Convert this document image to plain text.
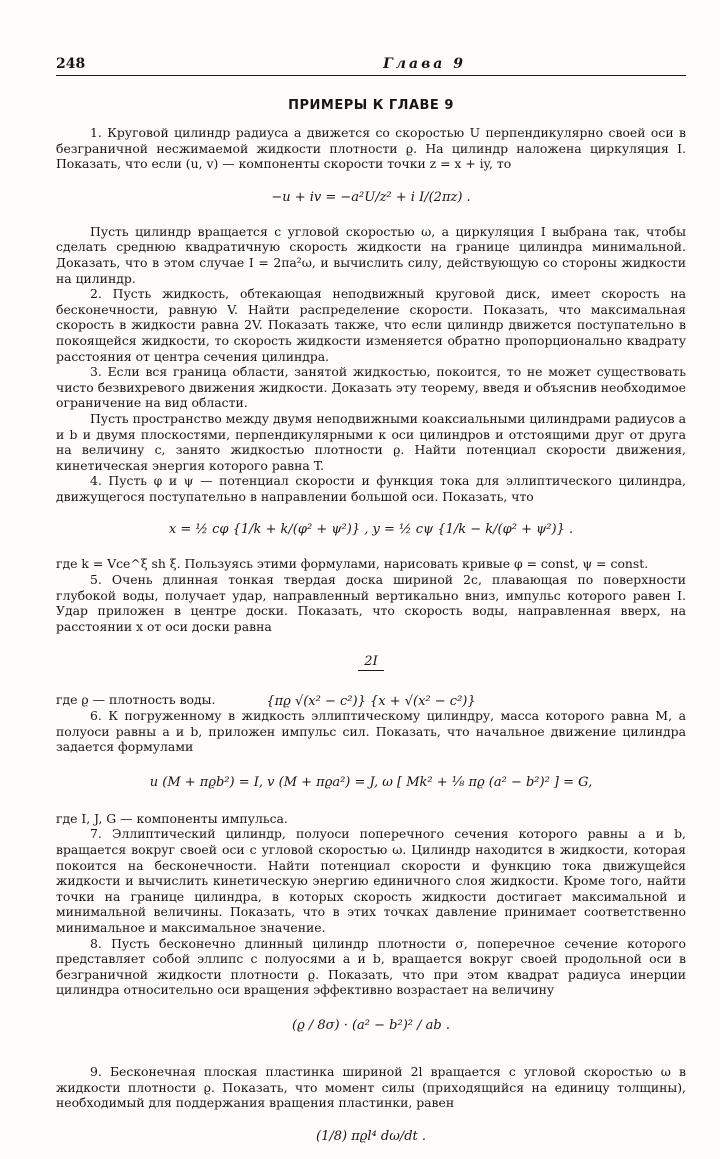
248	Глава 9
ПРИМЕРЫ К ГЛАВЕ 9

1. Круговой цилиндр радиуса a движется со скоростью U перпендикулярно своей оси в безграничной несжимаемой жидкости плотности ϱ. На цилиндр наложена циркуляция I. Показать, что если (u, v) — компоненты скорости точки z = x + iy, то

−u + iv = −a²U/z² + i I/(2πz) .

Пусть цилиндр вращается с угловой скоростью ω, а циркуляция I выбрана так, чтобы сделать среднюю квадратичную скорость жидкости на границе цилиндра минимальной. Доказать, что в этом случае I = 2πa²ω, и вычислить силу, действующую со стороны жидкости на цилиндр.

2. Пусть жидкость, обтекающая неподвижный круговой диск, имеет скорость на бесконечности, равную V. Найти распределение скорости. Показать, что максимальная скорость в жидкости равна 2V. Показать также, что если цилиндр движется поступательно в покоящейся жидкости, то скорость жидкости изменяется обратно пропорционально квадрату расстояния от центра сечения цилиндра.

3. Если вся граница области, занятой жидкостью, покоится, то не может существовать чисто безвихревого движения жидкости. Доказать эту теорему, введя и объяснив необходимое ограничение на вид области.

Пусть пространство между двумя неподвижными коаксиальными цилиндрами радиусов a и b и двумя плоскостями, перпендикулярными к оси цилиндров и отстоящими друг от друга на величину c, занято жидкостью плотности ϱ. Найти потенциал скорости движения, кинетическая энергия которого равна T.

4. Пусть φ и ψ — потенциал скорости и функция тока для эллиптического цилиндра, движущегося поступательно в направлении большой оси. Показать, что

x = ½ cφ {1/k + k/(φ² + ψ²)} , y = ½ cψ {1/k − k/(φ² + ψ²)} .

где k = Vce^ξ sh ξ. Пользуясь этими формулами, нарисовать кривые φ = const, ψ = const.

5. Очень длинная тонкая твердая доска шириной 2c, плавающая по поверхности глубокой воды, получает удар, направленный вертикально вниз, импульс которого равен I. Удар приложен в центре доски. Показать, что скорость воды, направленная вверх, на расстоянии x от оси доски равна

2I
{πϱ √(x² − c²)} {x + √(x² − c²)}

где ϱ — плотность воды.

6. К погруженному в жидкость эллиптическому цилиндру, масса которого равна M, а полуоси равны a и b, приложен импульс сил. Показать, что начальное движение цилиндра задается формулами

u (M + πϱb²) = I, v (M + πϱa²) = J, ω [ Mk² + ⅛ πϱ (a² − b²)² ] = G,

где I, J, G — компоненты импульса.

7. Эллиптический цилиндр, полуоси поперечного сечения которого равны a и b, вращается вокруг своей оси с угловой скоростью ω. Цилиндр находится в жидкости, которая покоится на бесконечности. Найти потенциал скорости и функцию тока движущейся жидкости и вычислить кинетическую энергию единичного слоя жидкости. Кроме того, найти точки на границе цилиндра, в которых скорость жидкости достигает максимальной и минимальной величины. Показать, что в этих точках давление принимает соответственно минимальное и максимальное значение.

8. Пусть бесконечно длинный цилиндр плотности σ, поперечное сечение которого представляет собой эллипс с полуосями a и b, вращается вокруг своей продольной оси в безграничной жидкости плотности ϱ. Показать, что при этом квадрат радиуса инерции цилиндра относительно оси вращения эффективно возрастает на величину

(ϱ / 8σ) · (a² − b²)² / ab .

9. Бесконечная плоская пластинка шириной 2l вращается с угловой скоростью ω в жидкости плотности ϱ. Показать, что момент силы (приходящийся на единицу толщины), необходимый для поддержания вращения пластинки, равен

(1/8) πϱl⁴ dω/dt .
